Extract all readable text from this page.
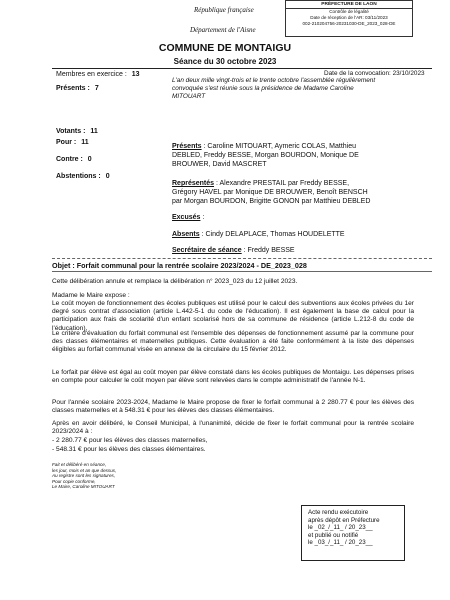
République française
Département de l'Aisne
PRÉFECTURE DE LAON
Contrôle de légalité
Date de réception de l'AR: 03/11/2023
002-210204756-20231030-DE_2023_028-DE
COMMUNE DE MONTAIGU
Séance du 30 octobre 2023
Membres en exercice : 13
Présents : 7
Votants : 11
Pour : 11
Contre : 0
Abstentions : 0
Date de la convocation: 23/10/2023
L'an deux mille vingt-trois et le trente octobre l'assemblée régulièrement
convoquée s'est réunie sous la présidence de Madame Caroline
MITOUART
Présents : Caroline MITOUART, Aymeric COLAS, Matthieu
DEBLED, Freddy BESSE, Morgan BOURDON, Monique DE
BROUWER, David MASCRET
Représentés : Alexandre PRESTAIL par Freddy BESSE,
Grégory HAVEL par Monique DE BROUWER, Benoît BENSCH
par Morgan BOURDON, Brigitte GONON par Matthieu DEBLED
Excusés :
Absents : Cindy DELAPLACE, Thomas HOUDELETTE
Secrétaire de séance : Freddy BESSE
Objet : Forfait communal pour la rentrée scolaire 2023/2024 - DE_2023_028
Cette délibération annule et remplace la délibération n° 2023_023 du 12 juillet 2023.
Madame le Maire expose :
Le coût moyen de fonctionnement des écoles publiques est utilisé pour le calcul des subventions aux écoles privées du 1er degré sous contrat d'association (article L.442-5-1 du code de l'éducation). Il est également la base de calcul pour la participation aux frais de scolarité d'un enfant scolarisé hors de sa commune de résidence (article L.212-8 du code de l'éducation).
Le critère d'évaluation du forfait communal est l'ensemble des dépenses de fonctionnement assumé par la commune pour des classes élémentaires et maternelles publiques. Cette évaluation a été faite conformément à la liste des dépenses éligibles au forfait communal visée en annexe de la circulaire du 15 février 2012.
Le forfait par élève est égal au coût moyen par élève constaté dans les écoles publiques de Montaigu. Les dépenses prises en compte pour calculer le coût moyen par élève sont relevées dans le compte administratif de l'année N-1.
Pour l'année scolaire 2023-2024, Madame le Maire propose de fixer le forfait communal à 2 280.77 € pour les élèves des classes maternelles et à 548.31 € pour les élèves des classes élémentaires.
Après en avoir délibéré, le Conseil Municipal, à l'unanimité, décide de fixer le forfait communal pour la rentrée scolaire 2023/2024 à :
- 2 280.77 € pour les élèves des classes maternelles,
- 548.31 € pour les élèves des classes élémentaires.
Fait et délibéré en séance,
les jour, mois et an que dessus,
Au registre sont les signatures,
Pour copie conforme,
Le Maire, Caroline MITOUART
Acte rendu exécutoire
après dépôt en Préfecture
le _02_/_11_ / 20_23__
et publié ou notifié
le _03_/_11_ / 20_23__
